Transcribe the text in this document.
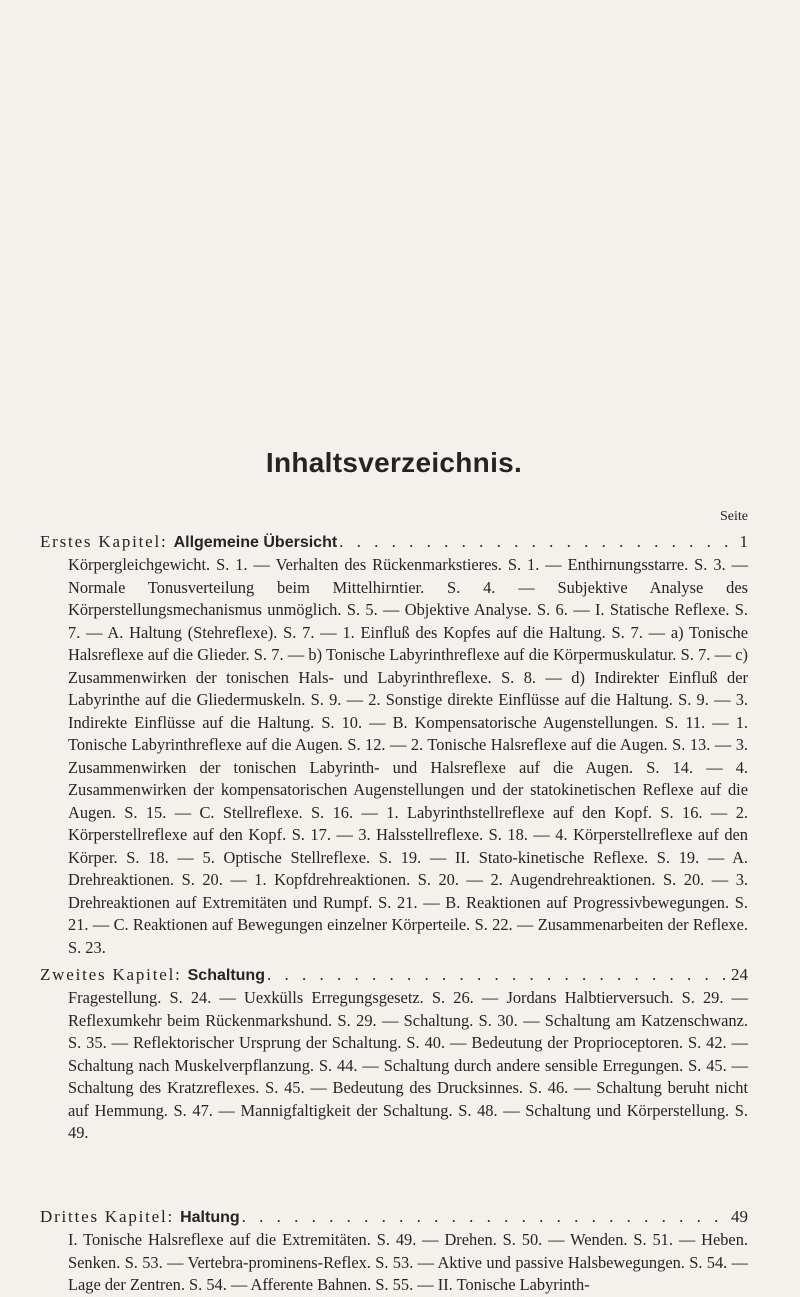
Inhaltsverzeichnis.
Seite

Erstes Kapitel: Allgemeine Übersicht . . .	1

Körpergleichgewicht. S. 1. — Verhalten des Rückenmarkstieres. S. 1. — Enthirnungsstarre. S. 3. — Normale Tonusverteilung beim Mittelhirntier. S. 4. — Subjektive Analyse des Körperstellungsmechanismus unmöglich. S. 5. — Objektive Analyse. S. 6. — I. Statische Reflexe. S. 7. — A. Haltung (Stehreflexe). S. 7. — 1. Einfluß des Kopfes auf die Haltung. S. 7. — a) Tonische Halsreflexe auf die Glieder. S. 7. — b) Tonische Labyrinthreflexe auf die Körpermuskulatur. S. 7. — c) Zusammenwirken der tonischen Hals- und Labyrinthreflexe. S. 8. — d) Indirekter Einfluß der Labyrinthe auf die Gliedermuskeln. S. 9. — 2. Sonstige direkte Einflüsse auf die Haltung. S. 9. — 3. Indirekte Einflüsse auf die Haltung. S. 10. — B. Kompensatorische Augenstellungen. S. 11. — 1. Tonische Labyrinthreflexe auf die Augen. S. 12. — 2. Tonische Halsreflexe auf die Augen. S. 13. — 3. Zusammenwirken der tonischen Labyrinth- und Halsreflexe auf die Augen. S. 14. — 4. Zusammenwirken der kompensatorischen Augenstellungen und der statokinetischen Reflexe auf die Augen. S. 15. — C. Stellreflexe. S. 16. — 1. Labyrinthstellreflexe auf den Kopf. S. 16. — 2. Körperstellreflexe auf den Kopf. S. 17. — 3. Halsstellreflexe. S. 18. — 4. Körperstellreflexe auf den Körper. S. 18. — 5. Optische Stellreflexe. S. 19. — II. Stato-kinetische Reflexe. S. 19. — A. Drehreaktionen. S. 20. — 1. Kopfdrehreaktionen. S. 20. — 2. Augendrehreaktionen. S. 20. — 3. Drehreaktionen auf Extremitäten und Rumpf. S. 21. — B. Reaktionen auf Progressivbewegungen. S. 21. — C. Reaktionen auf Bewegungen einzelner Körperteile. S. 22. — Zusammenarbeiten der Reflexe. S. 23.

Zweites Kapitel: Schaltung . . .	24

Fragestellung. S. 24. — Uexkülls Erregungsgesetz. S. 26. — Jordans Halbtierversuch. S. 29. — Reflexumkehr beim Rückenmarkshund. S. 29. — Schaltung. S. 30. — Schaltung am Katzenschwanz. S. 35. — Reflektorischer Ursprung der Schaltung. S. 40. — Bedeutung der Proprioceptoren. S. 42. — Schaltung nach Muskelverpflanzung. S. 44. — Schaltung durch andere sensible Erregungen. S. 45. — Schaltung des Kratzreflexes. S. 45. — Bedeutung des Drucksinnes. S. 46. — Schaltung beruht nicht auf Hemmung. S. 47. — Mannigfaltigkeit der Schaltung. S. 48. — Schaltung und Körperstellung. S. 49.

Drittes Kapitel: Haltung . . .	49

I. Tonische Halsreflexe auf die Extremitäten. S. 49. — Drehen. S. 50. — Wenden. S. 51. — Heben. Senken. S. 53. — Vertebra-prominens-Reflex. S. 53. — Aktive und passive Halsbewegungen. S. 54. — Lage der Zentren. S. 54. — Afferente Bahnen. S. 55. — II. Tonische Labyrinth-
